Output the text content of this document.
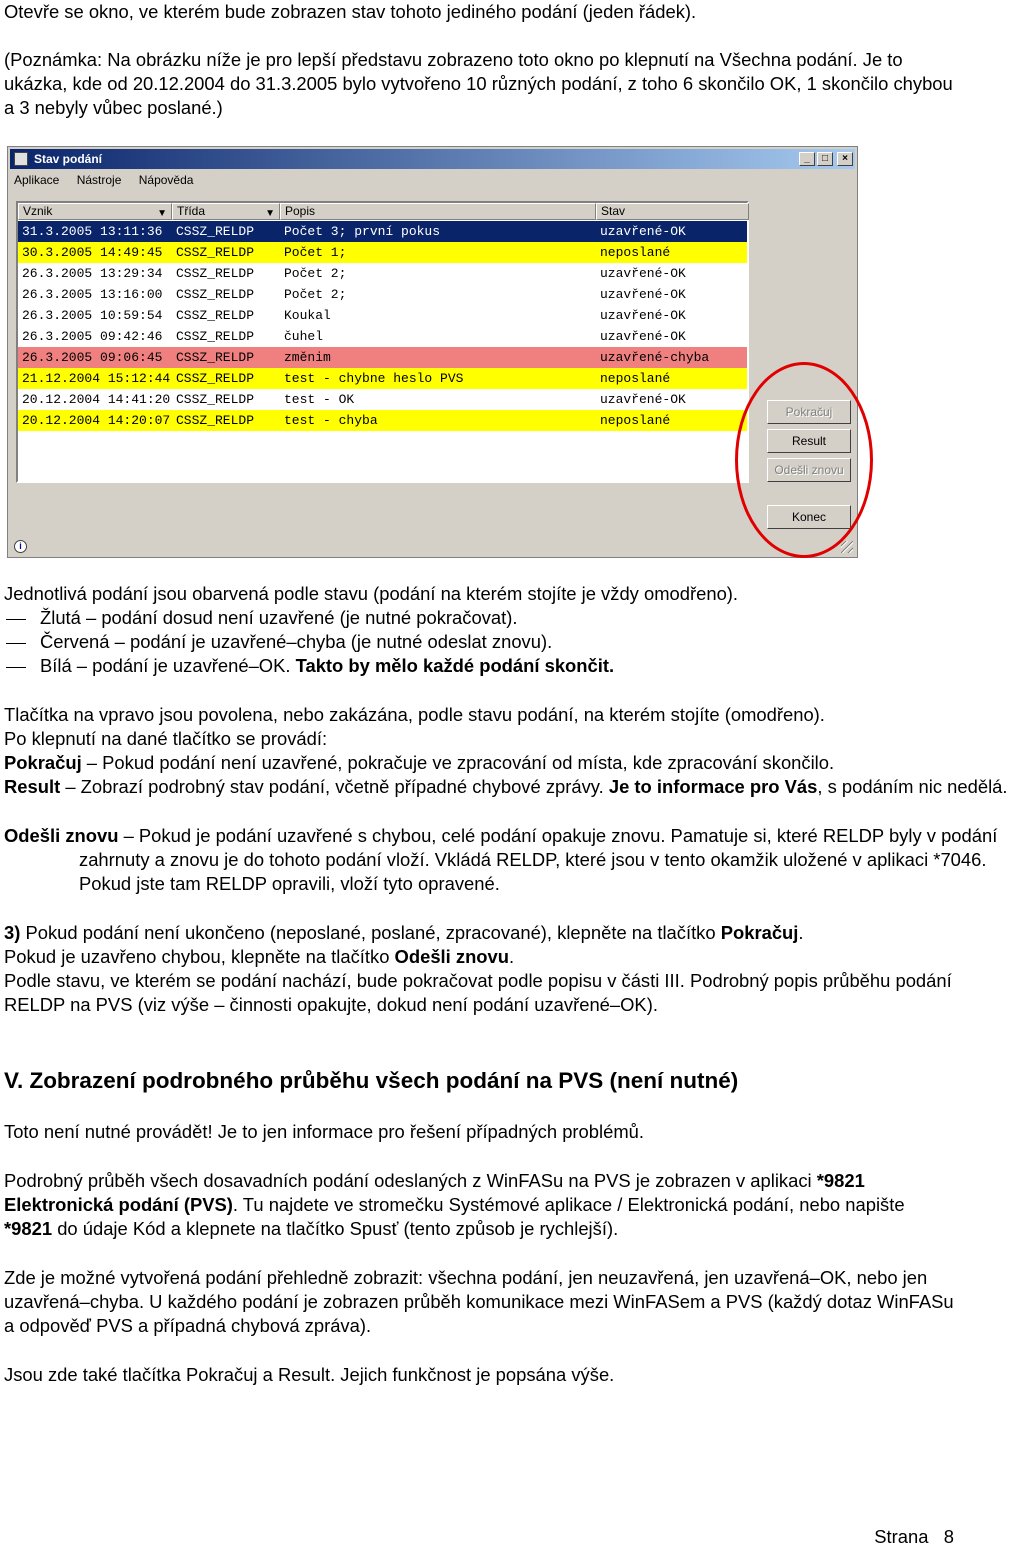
Otevře se okno, ve kterém bude zobrazen stav tohoto jediného podání (jeden řádek).

(Poznámka: Na obrázku níže je pro lepší představu zobrazeno toto okno po klepnutí na Všechna podání. Je to ukázka, kde od 20.12.2004 do 31.3.2005 bylo vytvořeno 10 různých podání, z toho 6 skončilo OK, 1 skončilo chybou a 3 nebyly vůbec poslané.)

Stav podání	_	□	×
Aplikace Nástroje Nápověda
Vznik	▼ Třída	▼ Popis	Stav
31.3.2005 13:11:36 CSSZ_RELDP Počet 3; první pokus	uzavřené-OK
30.3.2005 14:49:45 CSSZ_RELDP Počet 1;	neposlané
26.3.2005 13:29:34 CSSZ_RELDP Počet 2;	uzavřené-OK
26.3.2005 13:16:00 CSSZ_RELDP Počet 2;	uzavřené-OK
26.3.2005 10:59:54 CSSZ_RELDP Koukal	uzavřené-OK
26.3.2005 09:42:46 CSSZ_RELDP čuhel	uzavřené-OK
26.3.2005 09:06:45 CSSZ_RELDP změnim	uzavřené-chyba
21.12.2004 15:12:44 CSSZ_RELDP test - chybne heslo PVS	neposlané
20.12.2004 14:41:20 CSSZ_RELDP test - OK	uzavřené-OK
20.12.2004 14:20:07 CSSZ_RELDP test - chyba	neposlané
Pokračuj
Result
Odešli znovu
Konec
i

Jednotlivá podání jsou obarvená podle stavu (podání na kterém stojíte je vždy omodřeno).

Žlutá – podání dosud není uzavřené (je nutné pokračovat).
Červená – podání je uzavřené–chyba (je nutné odeslat znovu).
Bílá – podání je uzavřené–OK. Takto by mělo každé podání skončit.

Tlačítka na vpravo jsou povolena, nebo zakázána, podle stavu podání, na kterém stojíte (omodřeno).

Po klepnutí na dané tlačítko se provádí:

Pokračuj – Pokud podání není uzavřené, pokračuje ve zpracování od místa, kde zpracování skončilo.

Result – Zobrazí podrobný stav podání, včetně případné chybové zprávy. Je to informace pro Vás, s podáním nic nedělá.

Odešli znovu – Pokud je podání uzavřené s chybou, celé podání opakuje znovu. Pamatuje si, které RELDP byly v podání zahrnuty a znovu je do tohoto podání vloží. Vkládá RELDP, které jsou v tento okamžik uložené v aplikaci *7046. Pokud jste tam RELDP opravili, vloží tyto opravené.

3) Pokud podání není ukončeno (neposlané, poslané, zpracované), klepněte na tlačítko Pokračuj.

Pokud je uzavřeno chybou, klepněte na tlačítko Odešli znovu.

Podle stavu, ve kterém se podání nachází, bude pokračovat podle popisu v části III. Podrobný popis průběhu podání RELDP na PVS (viz výše – činnosti opakujte, dokud není podání uzavřené–OK).

V. Zobrazení podrobného průběhu všech podání na PVS (není nutné)

Toto není nutné provádět! Je to jen informace pro řešení případných problémů.

Podrobný průběh všech dosavadních podání odeslaných z WinFASu na PVS je zobrazen v aplikaci *9821 Elektronická podání (PVS). Tu najdete ve stromečku Systémové aplikace / Elektronická podání, nebo napište *9821 do údaje Kód a klepnete na tlačítko Spusť (tento způsob je rychlejší).

Zde je možné vytvořená podání přehledně zobrazit: všechna podání, jen neuzavřená, jen uzavřená–OK, nebo jen uzavřená–chyba. U každého podání je zobrazen průběh komunikace mezi WinFASem a PVS (každý dotaz WinFASu a odpověď PVS a případná chybová zpráva).

Jsou zde také tlačítka Pokračuj a Result. Jejich funkčnost je popsána výše.

Strana   8
